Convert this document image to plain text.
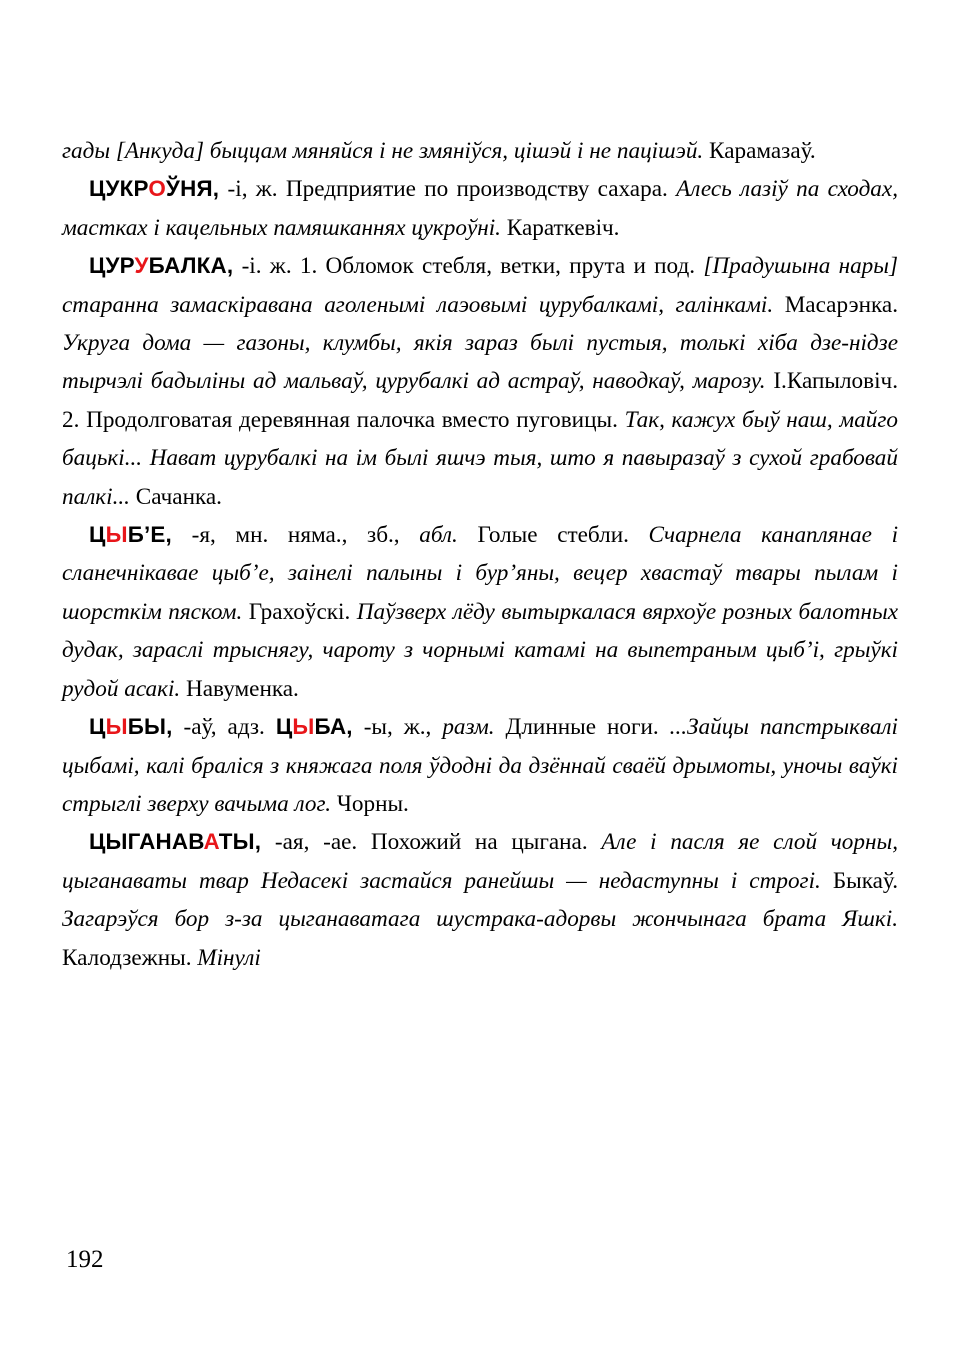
гады [Анкуда] быццам мяняйся і не змяніўся, цішэй і не пацішэй. Карамазаў.

ЦУКРОЎНЯ, -і, ж. Предприятие по производству сахара. Алесь лазіў па сходах, мастках і кацельных памяшканнях цукроўні. Караткевіч.

ЦУРУБАЛКА, -і. ж. 1. Обломок стебля, ветки, прута и под. [Прадушына нары] старанна замаскіравана аголенымі лаэовымі цурубалкамі, галінкамі. Масарэнка. Укруга дома — газоны, клумбы, якія зараз былі пустыя, толькі хіба дзе-нідзе тырчэлі бадыліны ад мальваў, цурубалкі ад астраў, наводкаў, марозу. І.Капыловіч. 2. Продолговатая деревянная палочка вместо пуговицы. Так, кажух быў наш, майго бацькі... Нават цурубалкі на ім былі яшчэ тыя, што я павыразаў з сухой грабовай палкі... Сачанка.

ЦЫБ’Е, -я, мн. няма., зб., абл. Голые стебли. Счарнела канаплянае і сланечнікавае цыб’е, заінелі палыны і бур’яны, вецер хвастаў твары пылам і шорсткім пяском. Грахоўскі. Паўзверх лёду вытыркалася вярхоўе розных балотных дудак, зараслі трыснягу, чароту з чорнымі катамі на выпетраным цыб’і, грыўкі рудой асакі. Навуменка.

ЦЫБЫ, -аў, адз. ЦЫБА, -ы, ж., разм. Длинные ноги. ...Зайцы папстрыквалі цыбамі, калі браліся з княжага поля ўдодні да дзённай сваёй дрымоты, уночы ваўкі стрыглі зверху вачыма лог. Чорны.

ЦЫГАНАВАТЫ, -ая, -ае. Похожий на цыгана. Але і пасля яе слой чорны, цыганаваты твар Недасекі застайся ранейшы — недаступны і строгі. Быкаў. Загарэўся бор з-за цыганаватага шустрака-адорвы жончынага брата Яшкі. Калодзежны. Мінулі

192
